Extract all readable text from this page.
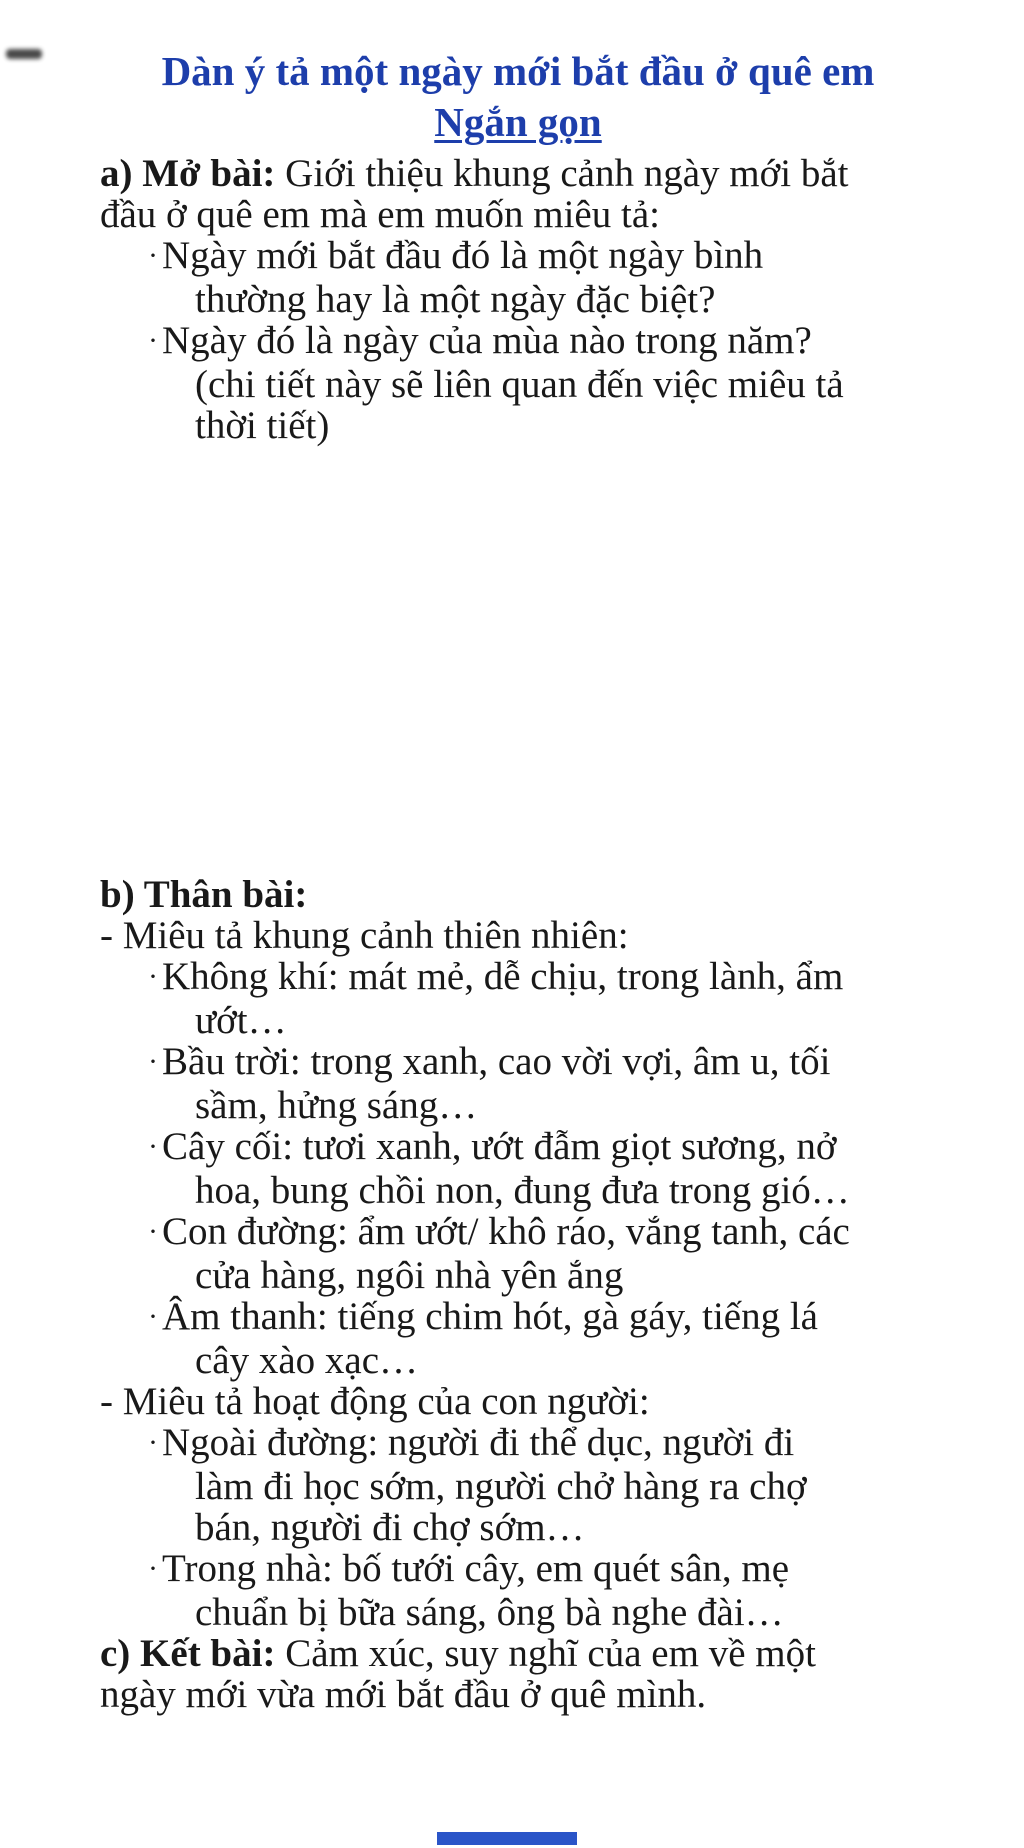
Dàn ý tả một ngày mới bắt đầu ở quê em
Ngắn gọn
a) Mở bài: Giới thiệu khung cảnh ngày mới bắt
đầu ở quê em mà em muốn miêu tả:
· Ngày mới bắt đầu đó là một ngày bình
thường hay là một ngày đặc biệt?
· Ngày đó là ngày của mùa nào trong năm?
(chi tiết này sẽ liên quan đến việc miêu tả
thời tiết)
b) Thân bài:
- Miêu tả khung cảnh thiên nhiên:
· Không khí: mát mẻ, dễ chịu, trong lành, ẩm
ướt…
· Bầu trời: trong xanh, cao vời vợi, âm u, tối
sầm, hửng sáng…
· Cây cối: tươi xanh, ướt đẫm giọt sương, nở
hoa, bung chồi non, đung đưa trong gió…
· Con đường: ẩm ướt/ khô ráo, vắng tanh, các
cửa hàng, ngôi nhà yên ắng
· Âm thanh: tiếng chim hót, gà gáy, tiếng lá
cây xào xạc…
- Miêu tả hoạt động của con người:
· Ngoài đường: người đi thể dục, người đi
làm đi học sớm, người chở hàng ra chợ
bán, người đi chợ sớm…
· Trong nhà: bố tưới cây, em quét sân, mẹ
chuẩn bị bữa sáng, ông bà nghe đài…
c) Kết bài: Cảm xúc, suy nghĩ của em về một
ngày mới vừa mới bắt đầu ở quê mình.
